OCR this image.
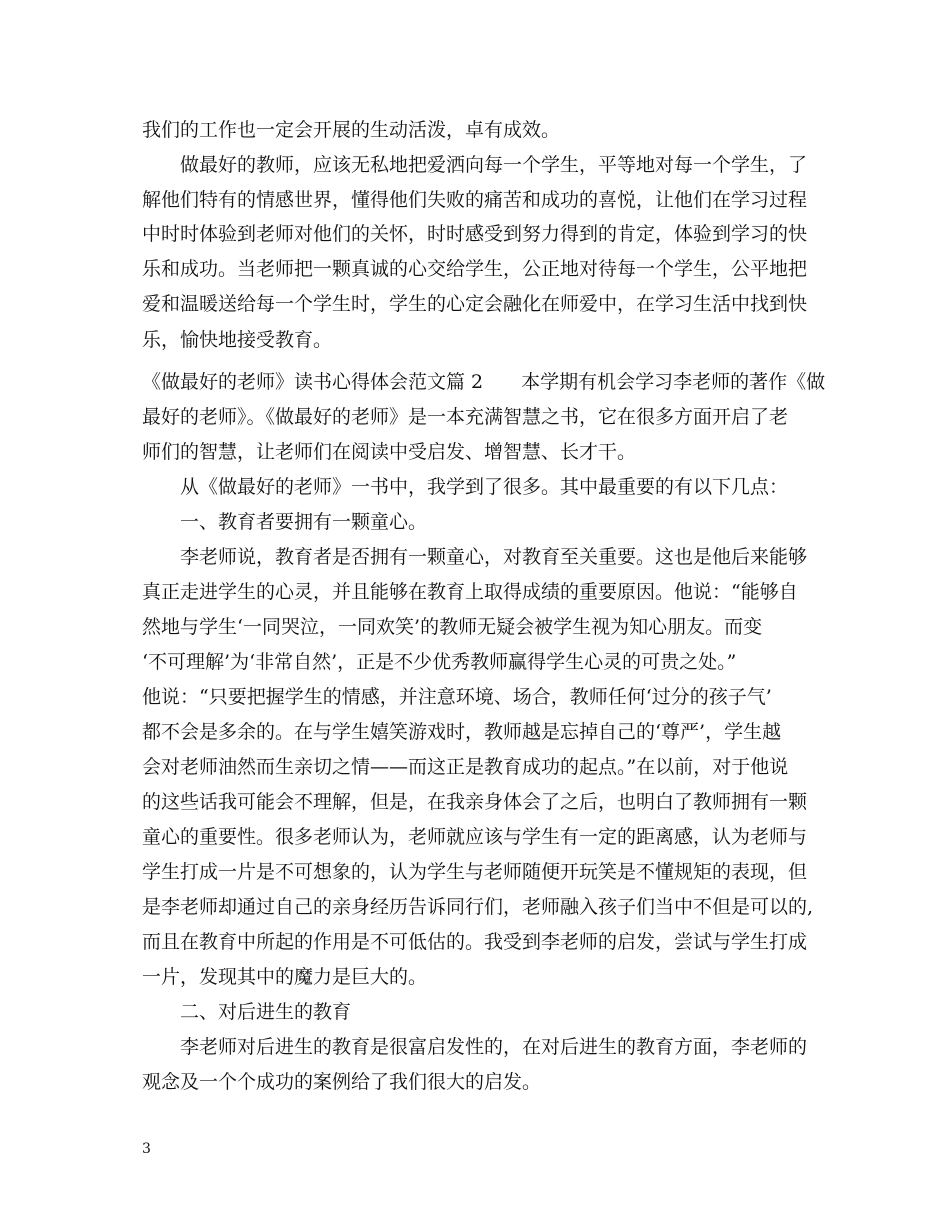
我们的工作也一定会开展的生动活泼，卓有成效。
做最好的教师，应该无私地把爱洒向每一个学生，平等地对每一个学生，了
解他们特有的情感世界，懂得他们失败的痛苦和成功的喜悦，让他们在学习过程
中时时体验到老师对他们的关怀，时时感受到努力得到的肯定，体验到学习的快
乐和成功。当老师把一颗真诚的心交给学生，公正地对待每一个学生，公平地把
爱和温暖送给每一个学生时，学生的心定会融化在师爱中，在学习生活中找到快
乐，愉快地接受教育。
《做最好的老师》读书心得体会范文篇 2　　本学期有机会学习李老师的著作《做
最好的老师》。《做最好的老师》是一本充满智慧之书，它在很多方面开启了老
师们的智慧，让老师们在阅读中受启发、增智慧、长才干。
从《做最好的老师》一书中，我学到了很多。其中最重要的有以下几点：
一、教育者要拥有一颗童心。
李老师说，教育者是否拥有一颗童心，对教育至关重要。这也是他后来能够
真正走进学生的心灵，并且能够在教育上取得成绩的重要原因。他说：“能够自
然地与学生‘一同哭泣，一同欢笑’的教师无疑会被学生视为知心朋友。而变
‘不可理解’为‘非常自然’，正是不少优秀教师赢得学生心灵的可贵之处。”
他说：“只要把握学生的情感，并注意环境、场合，教师任何‘过分的孩子气’
都不会是多余的。在与学生嬉笑游戏时，教师越是忘掉自己的‘尊严’，学生越
会对老师油然而生亲切之情——而这正是教育成功的起点。”在以前，对于他说
的这些话我可能会不理解，但是，在我亲身体会了之后，也明白了教师拥有一颗
童心的重要性。很多老师认为，老师就应该与学生有一定的距离感，认为老师与
学生打成一片是不可想象的，认为学生与老师随便开玩笑是不懂规矩的表现，但
是李老师却通过自己的亲身经历告诉同行们，老师融入孩子们当中不但是可以的,
而且在教育中所起的作用是不可低估的。我受到李老师的启发，尝试与学生打成
一片，发现其中的魔力是巨大的。
二、对后进生的教育
李老师对后进生的教育是很富启发性的，在对后进生的教育方面，李老师的
观念及一个个成功的案例给了我们很大的启发。
3
